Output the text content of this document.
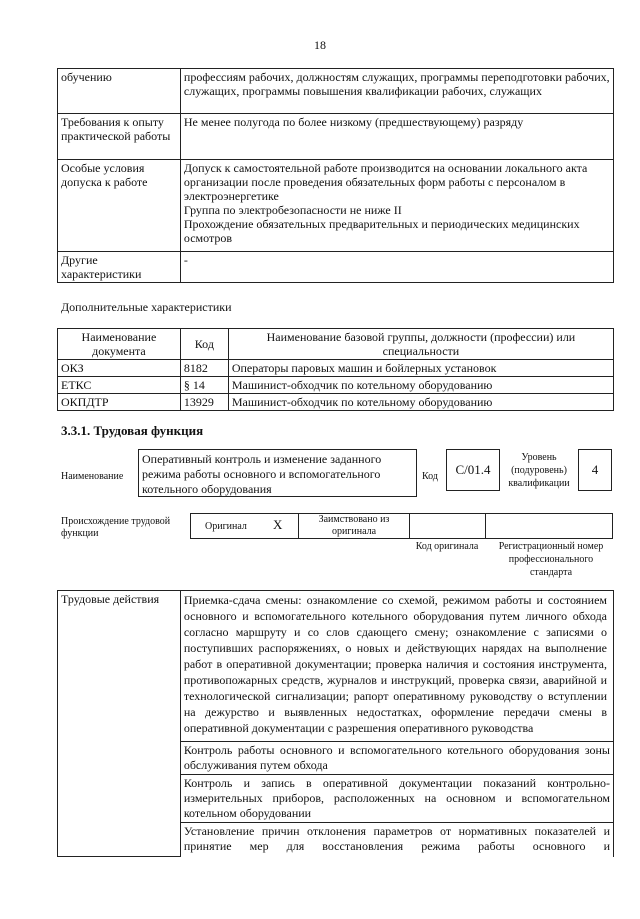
18
обучению	профессиям рабочих, должностям служащих, программы переподготовки рабочих, служащих, программы повышения квалификации рабочих, служащих
Требования к опыту практической работы	Не менее полугода по более низкому (предшествующему) разряду
Особые условия допуска к работе	Допуск к самостоятельной работе производится на основании локального акта организации после проведения обязательных форм работы с персоналом в электроэнергетике
Группа по электробезопасности не ниже II
Прохождение обязательных предварительных и периодических медицинских осмотров

Другие характеристики	-
Дополнительные характеристики
Наименование документа	Код	Наименование базовой группы, должности (профессии) или специальности
ОКЗ	8182	Операторы паровых машин и бойлерных установок
ЕТКС	§ 14	Машинист-обходчик по котельному оборудованию
ОКПДТР	13929	Машинист-обходчик по котельному оборудованию
3.3.1. Трудовая функция
Наименование
Оперативный контроль и изменение заданного режима работы основного и вспомогательного котельного оборудования
Код C/01.4
Уровень (подуровень) квалификации
4
Происхождение трудовой функции
Оригинал X	Заимствовано из оригинала
Код оригинала	Регистрационный номер профессионального стандарта
Трудовые действия	Приемка-сдача смены: ознакомление со схемой, режимом работы и состоянием основного и вспомогательного котельного оборудования путем личного обхода согласно маршруту и со слов сдающего смену; ознакомление с записями о поступивших распоряжениях, о новых и действующих нарядах на выполнение работ в оперативной документации; проверка наличия и состояния инструмента, противопожарных средств, журналов и инструкций, проверка связи, аварийной и технологической сигнализации; рапорт оперативному руководству о вступлении на дежурство и выявленных недостатках, оформление передачи смены в оперативной документации с разрешения оперативного руководства
Контроль работы основного и вспомогательного котельного оборудования зоны обслуживания путем обхода
Контроль и запись в оперативной документации показаний контрольно-измерительных приборов, расположенных на основном и вспомогательном котельном оборудовании
Установление причин отклонения параметров от нормативных показателей и принятие мер для восстановления режима работы основного и
